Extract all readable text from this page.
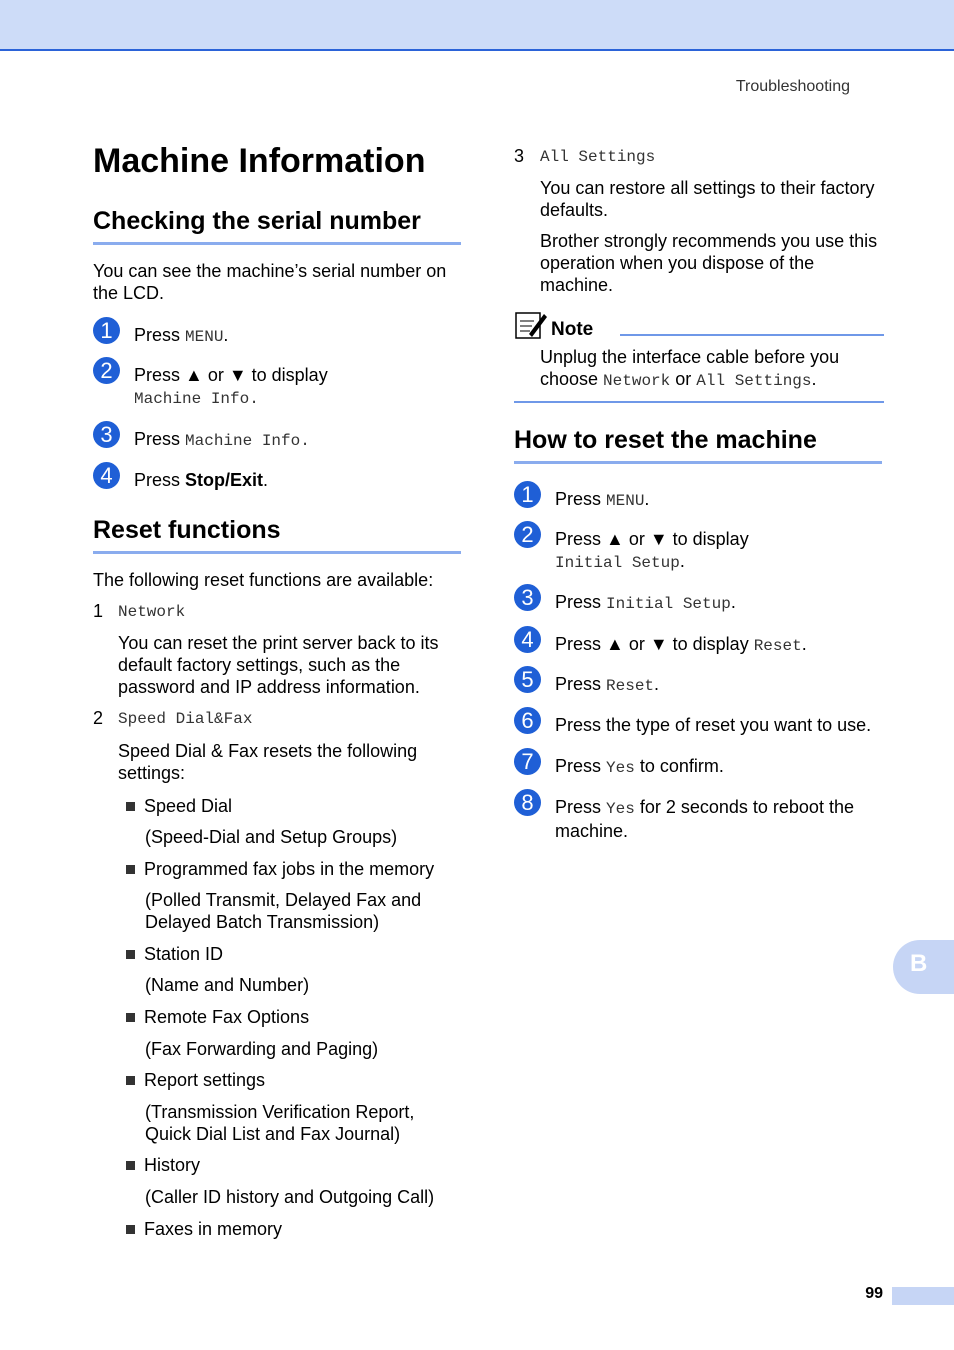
Troubleshooting
Machine Information
Checking the serial number

You can see the machine’s serial number on the LCD.

1	Press MENU.
2	Press ▲ or ▼ to display
Machine Info.
3	Press Machine Info.
4	Press Stop/Exit.
Reset functions

The following reset functions are available:

1 Network

You can reset the print server back to its default factory settings, such as the password and IP address information.

2 Speed Dial&Fax

Speed Dial & Fax resets the following settings:

Speed Dial

(Speed-Dial and Setup Groups)

Programmed fax jobs in the memory

(Polled Transmit, Delayed Fax and Delayed Batch Transmission)

Station ID

(Name and Number)

Remote Fax Options

(Fax Forwarding and Paging)

Report settings

(Transmission Verification Report, Quick Dial List and Fax Journal)

History

(Caller ID history and Outgoing Call)

Faxes in memory

3 All Settings

You can restore all settings to their factory defaults.

Brother strongly recommends you use this operation when you dispose of the machine.

Note

Unplug the interface cable before you choose Network or All Settings.

How to reset the machine
1	Press MENU.
2	Press ▲ or ▼ to display
Initial Setup.
3	Press Initial Setup.
4	Press ▲ or ▼ to display Reset.
5	Press Reset.
6	Press the type of reset you want to use.
7	Press Yes to confirm.
8	Press Yes for 2 seconds to reboot the machine.
B
99
